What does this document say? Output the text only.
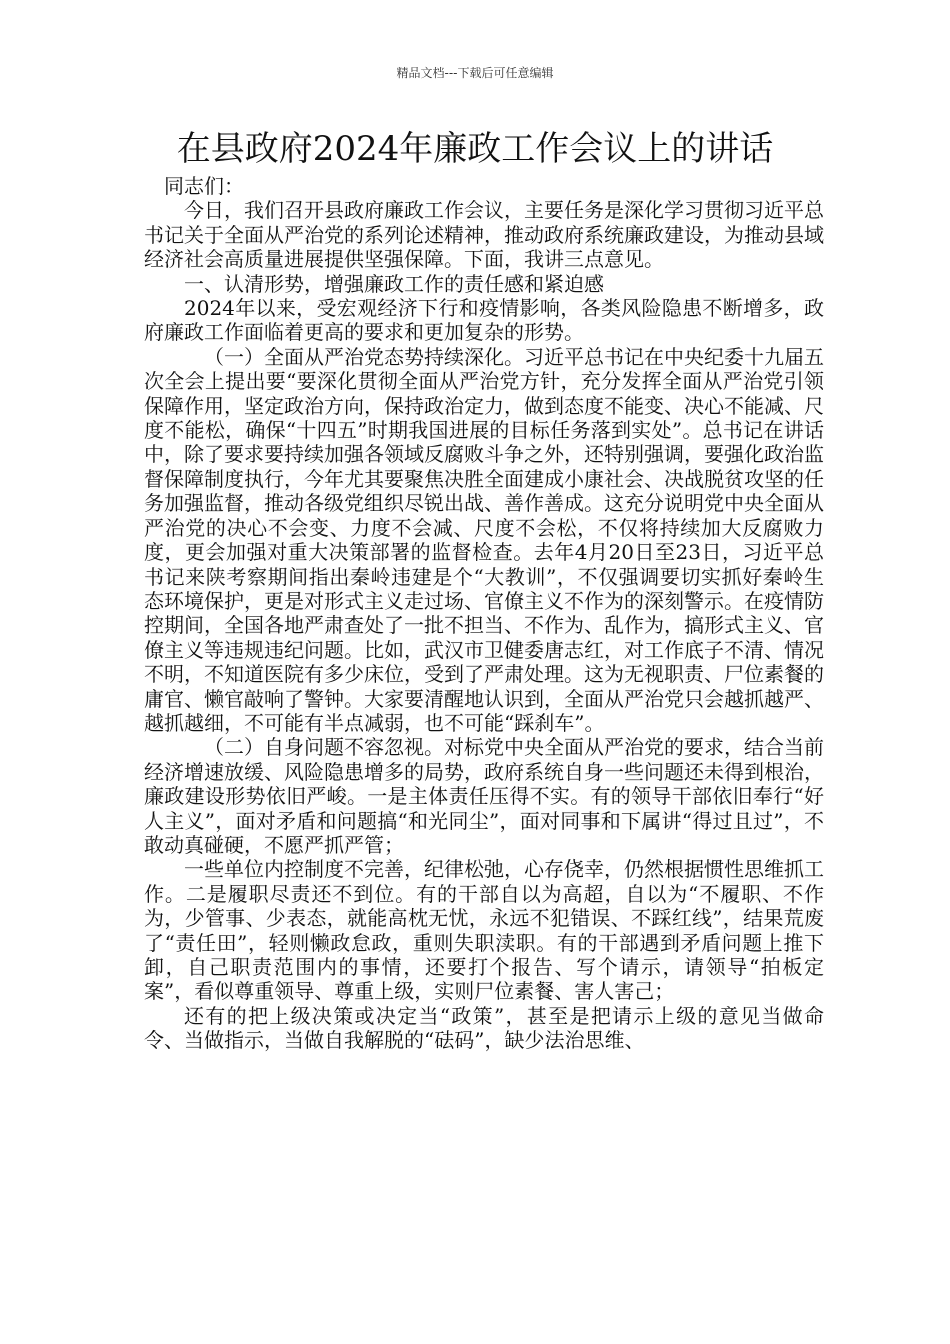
精品文档---下载后可任意编辑
在县政府2024年廉政工作会议上的讲话

同志们：

今日，我们召开县政府廉政工作会议，主要任务是深化学习贯彻习近平总书记关于全面从严治党的系列论述精神，推动政府系统廉政建设，为推动县域经济社会高质量进展提供坚强保障。下面，我讲三点意见。

一、认清形势，增强廉政工作的责任感和紧迫感

2024年以来，受宏观经济下行和疫情影响，各类风险隐患不断增多，政府廉政工作面临着更高的要求和更加复杂的形势。

（一）全面从严治党态势持续深化。习近平总书记在中央纪委十九届五次全会上提出要“要深化贯彻全面从严治党方针，充分发挥全面从严治党引领保障作用，坚定政治方向，保持政治定力，做到态度不能变、决心不能减、尺度不能松，确保“十四五”时期我国进展的目标任务落到实处”。总书记在讲话中，除了要求要持续加强各领域反腐败斗争之外，还特别强调，要强化政治监督保障制度执行，今年尤其要聚焦决胜全面建成小康社会、决战脱贫攻坚的任务加强监督，推动各级党组织尽锐出战、善作善成。这充分说明党中央全面从严治党的决心不会变、力度不会减、尺度不会松，不仅将持续加大反腐败力度，更会加强对重大决策部署的监督检查。去年4月20日至23日，习近平总书记来陕考察期间指出秦岭违建是个“大教训”，不仅强调要切实抓好秦岭生态环境保护，更是对形式主义走过场、官僚主义不作为的深刻警示。在疫情防控期间，全国各地严肃查处了一批不担当、不作为、乱作为，搞形式主义、官僚主义等违规违纪问题。比如，武汉市卫健委唐志红，对工作底子不清、情况不明，不知道医院有多少床位，受到了严肃处理。这为无视职责、尸位素餐的庸官、懒官敲响了警钟。大家要清醒地认识到，全面从严治党只会越抓越严、越抓越细，不可能有半点减弱，也不可能“踩刹车”。

（二）自身问题不容忽视。对标党中央全面从严治党的要求，结合当前经济增速放缓、风险隐患增多的局势，政府系统自身一些问题还未得到根治，廉政建设形势依旧严峻。一是主体责任压得不实。有的领导干部依旧奉行“好人主义”，面对矛盾和问题搞“和光同尘”，面对同事和下属讲“得过且过”，不敢动真碰硬，不愿严抓严管；

一些单位内控制度不完善，纪律松弛，心存侥幸，仍然根据惯性思维抓工作。二是履职尽责还不到位。有的干部自以为高超，自以为“不履职、不作为，少管事、少表态，就能高枕无忧，永远不犯错误、不踩红线”，结果荒废了“责任田”，轻则懒政怠政，重则失职渎职。有的干部遇到矛盾问题上推下卸，自己职责范围内的事情，还要打个报告、写个请示，请领导“拍板定案”，看似尊重领导、尊重上级，实则尸位素餐、害人害己；

还有的把上级决策或决定当“政策”，甚至是把请示上级的意见当做命令、当做指示，当做自我解脱的“砝码”，缺少法治思维、
